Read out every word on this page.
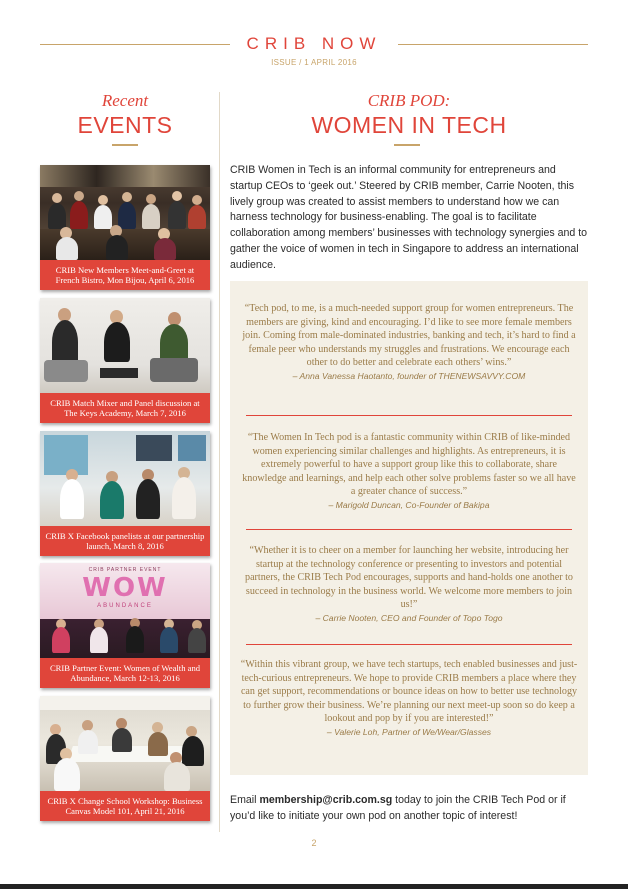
CRIB NOW
ISSUE / 1 APRIL 2016
Recent
EVENTS
CRIB POD:
WOMEN IN TECH
CRIB Women in Tech is an informal community for entrepreneurs and startup CEOs to ‘geek out.’ Steered by CRIB member, Carrie Nooten, this lively group was created to assist members to understand how we can harness technology for business-enabling. The goal is to facilitate collaboration among members’ businesses with technology synergies and to gather the voice of women in tech in Singapore to address an international audience.
“Tech pod, to me, is a much-needed support group for women entrepreneurs. The members are giving, kind and encouraging. I’d like to see more female members join. Coming from male-dominated industries, banking and tech, it’s hard to find a female peer who understands my struggles and frustrations. We encourage each other to do better and celebrate each others’ wins.”
– Anna Vanessa Haotanto, founder of THENEWSAVVY.COM
“The Women In Tech pod is a fantastic community within CRIB of like-minded women experiencing similar challenges and highlights. As entrepreneurs, it is extremely powerful to have a support group like this to collaborate, share knowledge and learnings, and help each other solve problems faster so we all have a greater chance of success.”
– Marigold Duncan, Co-Founder of Bakipa
“Whether it is to cheer on a member for launching her website, introducing her startup at the technology conference or presenting to investors and potential partners, the CRIB Tech Pod encourages, supports and hand-holds one another to succeed in technology in the business world. We welcome more members to join us!”
– Carrie Nooten, CEO and Founder of Topo Togo
“Within this vibrant group, we have tech startups, tech enabled businesses and just-tech-curious entrepreneurs. We hope to provide CRIB members a place where they can get support, recommendations or bounce ideas on how to better use technology to further grow their business. We’re planning our next meet-up soon so do keep a lookout and pop by if you are interested!”
– Valerie Loh, Partner of We/Wear/Glasses
Email membership@crib.com.sg today to join the CRIB Tech Pod or if you’d like to initiate your own pod on another topic of interest!
2
CRIB New Members Meet-and-Greet at French Bistro, Mon Bijou, April 6, 2016
CRIB Match Mixer and Panel discussion at The Keys Academy, March 7, 2016
CRIB X Facebook panelists at our partnership launch, March 8, 2016
CRIB PARTNER EVENT
WOW
ABUNDANCE
CRIB Partner Event: Women of Wealth and Abundance, March 12-13, 2016
CRIB X Change School Workshop: Business Canvas Model 101, April 21, 2016
